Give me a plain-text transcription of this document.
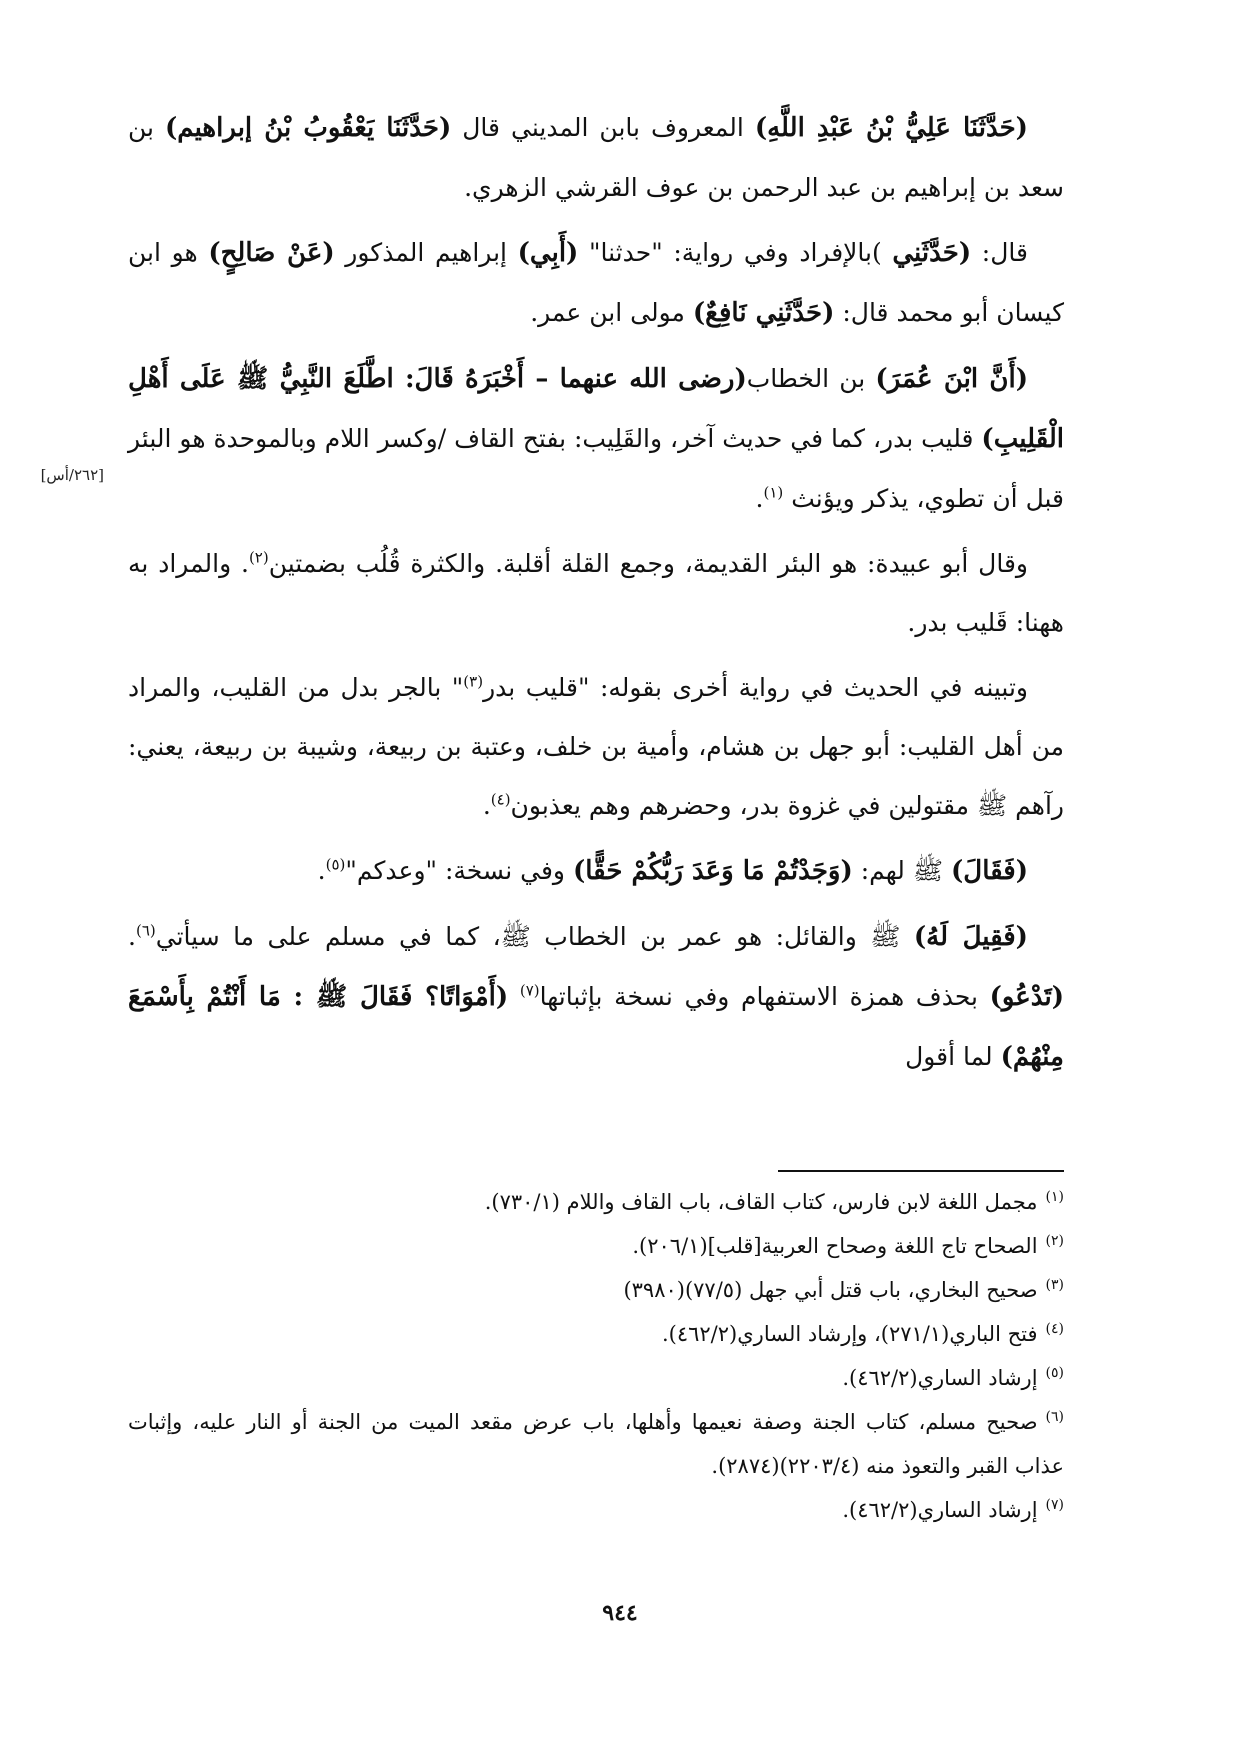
(حَدَّثَنَا عَلِيُّ بْنُ عَبْدِ اللَّهِ) المعروف بابن المديني قال (حَدَّثَنَا يَعْقُوبُ بْنُ إبراهيم) بن سعد بن إبراهيم بن عبد الرحمن بن عوف القرشي الزهري.

قال: (حَدَّثَنِي )بالإفراد وفي رواية: "حدثنا" (أَبِي) إبراهيم المذكور (عَنْ صَالِحٍ) هو ابن كيسان أبو محمد قال: (حَدَّثَنِي نَافِعٌ) مولى ابن عمر.

(أَنَّ ابْنَ عُمَرَ) بن الخطاب(رضى الله عنهما – أَخْبَرَهُ قَالَ: اطَّلَعَ النَّبِيُّ ﷺ عَلَى أَهْلِ الْقَلِيبِ) قليب بدر، كما في حديث آخر، والقَلِيب: بفتح القاف /وكسر اللام وبالموحدة هو البئر قبل أن تطوي، يذكر ويؤنث $^{(١)}$.

وقال أبو عبيدة: هو البئر القديمة، وجمع القلة أقلبة. والكثرة قُلُب بضمتين$^{(٢)}$. والمراد به ههنا: قَليب بدر.

وتبينه في الحديث في رواية أخرى بقوله: "قليب بدر$^{(٣)}$" بالجر بدل من القليب، والمراد من أهل القليب: أبو جهل بن هشام، وأمية بن خلف، وعتبة بن ربيعة، وشيبة بن ربيعة، يعني: رآهم ﷺ مقتولين في غزوة بدر، وحضرهم وهم يعذبون$^{(٤)}$.

(فَقَالَ) ﷺ لهم: (وَجَدْتُمْ مَا وَعَدَ رَبُّكُمْ حَقًّا) وفي نسخة: "وعدكم"$^{(٥)}$.

(فَقِيلَ لَهُ) ﷺ والقائل: هو عمر بن الخطاب ﷺ، كما في مسلم على ما سيأتي$^{(٦)}$. (تَدْعُو) بحذف همزة الاستفهام وفي نسخة بإثباتها$^{(٧)}$ (أَمْوَاتًا؟ فَقَالَ ﷺ : مَا أَنْتُمْ بِأَسْمَعَ مِنْهُمْ) لما أقول

[٢٦٢/أس]

$^{(١)}$مجمل اللغة لابن فارس، كتاب القاف، باب القاف واللام (٧٣٠/١).

$^{(٢)}$الصحاح تاج اللغة وصحاح العربية[قلب](٢٠٦/١).

$^{(٣)}$صحيح البخاري، باب قتل أبي جهل (٧٧/٥)(٣٩٨٠)

$^{(٤)}$فتح الباري(٢٧١/١)، وإرشاد الساري(٤٦٢/٢).

$^{(٥)}$إرشاد الساري(٤٦٢/٢).

$^{(٦)}$صحيح مسلم، كتاب الجنة وصفة نعيمها وأهلها، باب عرض مقعد الميت من الجنة أو النار عليه، وإثبات عذاب القبر والتعوذ منه (٢٢٠٣/٤)(٢٨٧٤).

$^{(٧)}$إرشاد الساري(٤٦٢/٢).

٩٤٤
